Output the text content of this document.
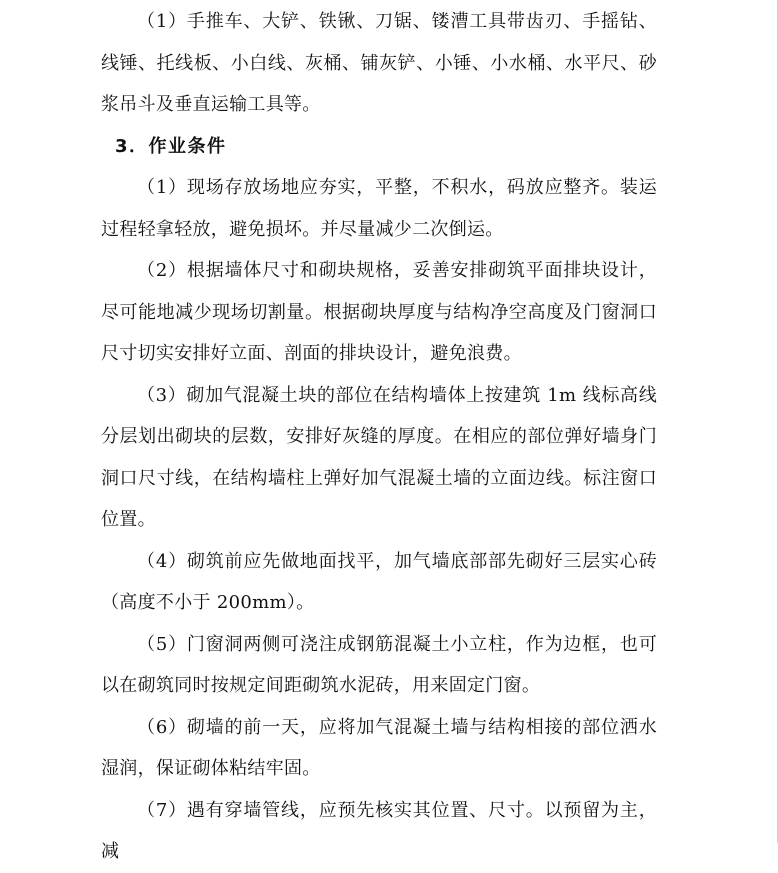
（1）手推车、大铲、铁锹、刀锯、镂漕工具带齿刃、手摇钻、线锤、托线板、小白线、灰桶、铺灰铲、小锤、小水桶、水平尺、砂浆吊斗及垂直运输工具等。

3．作业条件

（1）现场存放场地应夯实，平整，不积水，码放应整齐。装运过程轻拿轻放，避免损坏。并尽量减少二次倒运。

（2）根据墙体尺寸和砌块规格，妥善安排砌筑平面排块设计，尽可能地减少现场切割量。根据砌块厚度与结构净空高度及门窗洞口尺寸切实安排好立面、剖面的排块设计，避免浪费。

（3）砌加气混凝土块的部位在结构墙体上按建筑 1m 线标高线分层划出砌块的层数，安排好灰缝的厚度。在相应的部位弹好墙身门洞口尺寸线，在结构墙柱上弹好加气混凝土墙的立面边线。标注窗口位置。

（4）砌筑前应先做地面找平，加气墙底部部先砌好三层实心砖（高度不小于 200mm）。

（5）门窗洞两侧可浇注成钢筋混凝土小立柱，作为边框，也可以在砌筑同时按规定间距砌筑水泥砖，用来固定门窗。

（6）砌墙的前一天，应将加气混凝土墙与结构相接的部位洒水湿润，保证砌体粘结牢固。

（7）遇有穿墙管线，应预先核实其位置、尺寸。以预留为主，减
